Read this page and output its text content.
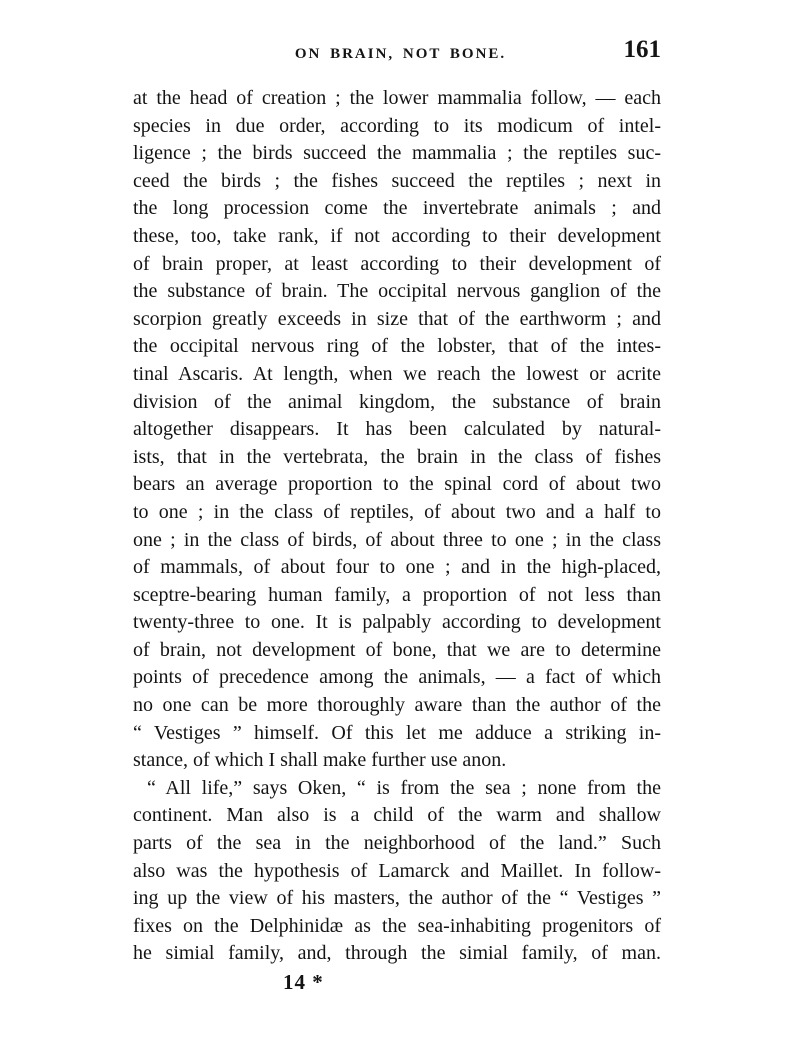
ON BRAIN, NOT BONE.	161
at the head of creation ; the lower mammalia follow, — each
species in due order, according to its modicum of intel-
ligence ; the birds succeed the mammalia ; the reptiles suc-
ceed the birds ; the fishes succeed the reptiles ; next in
the long procession come the invertebrate animals ; and
these, too, take rank, if not according to their development
of brain proper, at least according to their development of
the substance of brain. The occipital nervous ganglion of the
scorpion greatly exceeds in size that of the earthworm ; and
the occipital nervous ring of the lobster, that of the intes-
tinal Ascaris. At length, when we reach the lowest or acrite
division of the animal kingdom, the substance of brain
altogether disappears. It has been calculated by natural-
ists, that in the vertebrata, the brain in the class of fishes
bears an average proportion to the spinal cord of about two
to one ; in the class of reptiles, of about two and a half to
one ; in the class of birds, of about three to one ; in the class
of mammals, of about four to one ; and in the high-placed,
sceptre-bearing human family, a proportion of not less than
twenty-three to one. It is palpably according to development
of brain, not development of bone, that we are to determine
points of precedence among the animals, — a fact of which
no one can be more thoroughly aware than the author of the
“ Vestiges ” himself. Of this let me adduce a striking in-
stance, of which I shall make further use anon.
“ All life,” says Oken, “ is from the sea ; none from the
continent. Man also is a child of the warm and shallow
parts of the sea in the neighborhood of the land.” Such
also was the hypothesis of Lamarck and Maillet. In follow-
ing up the view of his masters, the author of the “ Vestiges ”
fixes on the Delphinidæ as the sea-inhabiting progenitors of
he simial family, and, through the simial family, of man.
14 *
